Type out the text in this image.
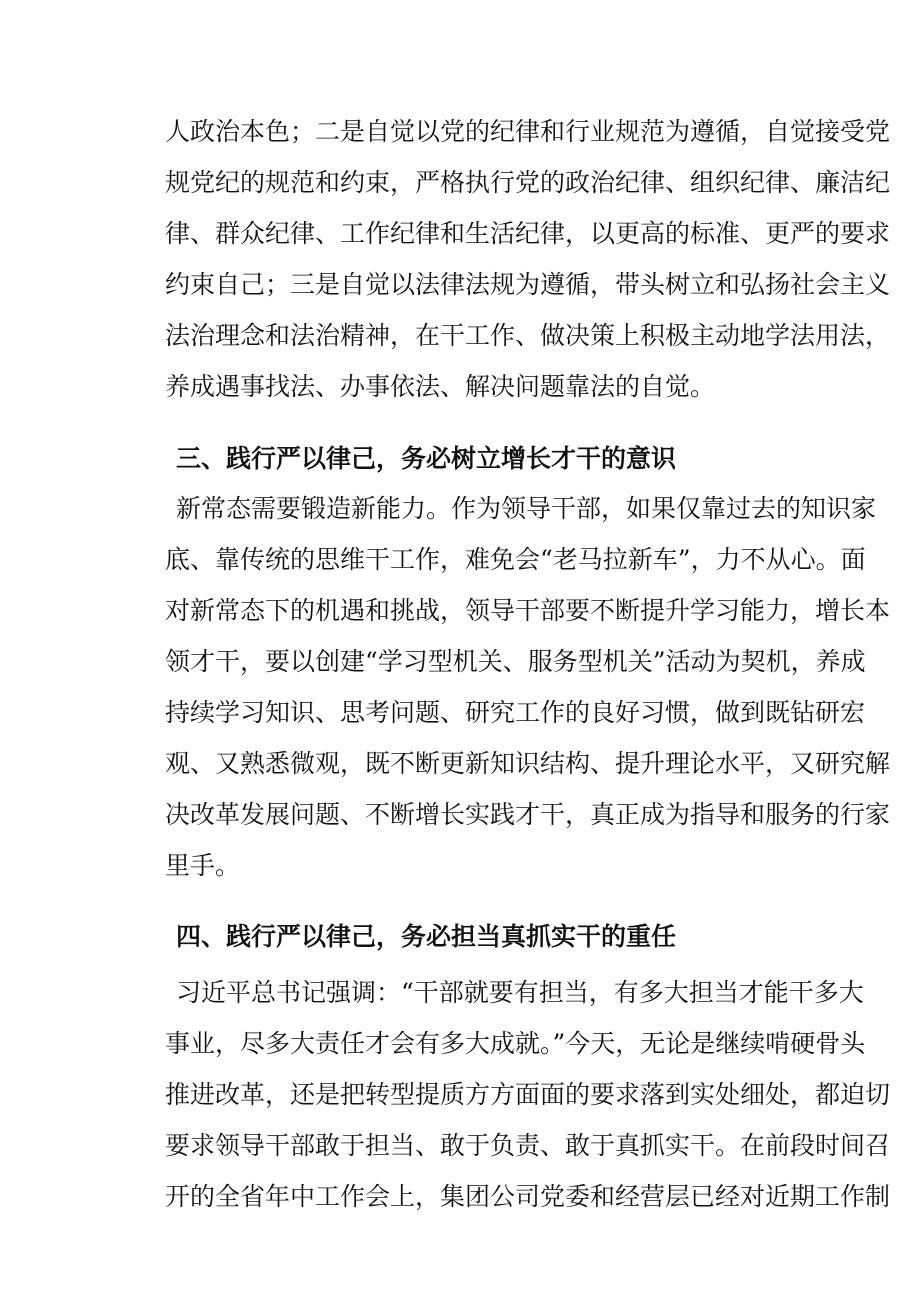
人政治本色；二是自觉以党的纪律和行业规范为遵循，自觉接受党
规党纪的规范和约束，严格执行党的政治纪律、组织纪律、廉洁纪
律、群众纪律、工作纪律和生活纪律，以更高的标准、更严的要求
约束自己；三是自觉以法律法规为遵循，带头树立和弘扬社会主义
法治理念和法治精神，在干工作、做决策上积极主动地学法用法，
养成遇事找法、办事依法、解决问题靠法的自觉。
三、践行严以律己，务必树立增长才干的意识
新常态需要锻造新能力。作为领导干部，如果仅靠过去的知识家
底、靠传统的思维干工作，难免会“老马拉新车”，力不从心。面
对新常态下的机遇和挑战，领导干部要不断提升学习能力，增长本
领才干，要以创建“学习型机关、服务型机关”活动为契机，养成
持续学习知识、思考问题、研究工作的良好习惯，做到既钻研宏
观、又熟悉微观，既不断更新知识结构、提升理论水平，又研究解
决改革发展问题、不断增长实践才干，真正成为指导和服务的行家
里手。
四、践行严以律己，务必担当真抓实干的重任
习近平总书记强调：“干部就要有担当，有多大担当才能干多大
事业，尽多大责任才会有多大成就。”今天，无论是继续啃硬骨头
推进改革，还是把转型提质方方面面的要求落到实处细处，都迫切
要求领导干部敢于担当、敢于负责、敢于真抓实干。在前段时间召
开的全省年中工作会上，集团公司党委和经营层已经对近期工作制
